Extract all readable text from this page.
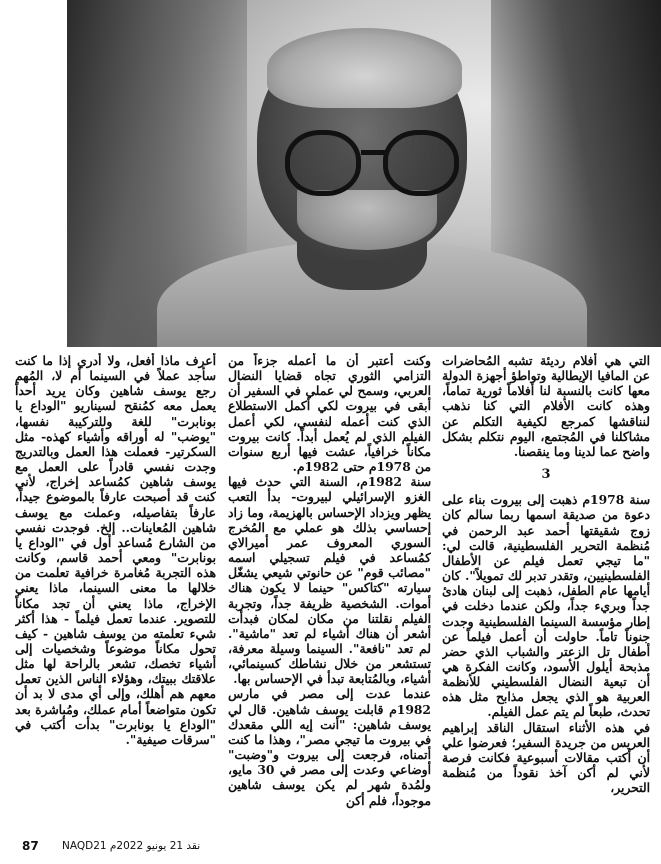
التي هي أفلام رديئة تشبه المُحاضرات عن المافيا الإيطالية وتواطؤ أجهزة الدولة معها كانت بالنسبة لنا أفلاماً ثورية تماماً، وهذه كانت الأفلام التي كنا نذهب لنناقشها كمرجع لكيفية التكلم عن مشاكلنا في المُجتمع، اليوم نتكلم بشكل واضح عما لدينا وما ينقصنا.

3

سنة 1978م ذهبت إلى بيروت بناء على دعوة من صديقة اسمها ربما سالم كان زوج شقيقتها أحمد عبد الرحمن في مُنظمة التحرير الفلسطينية، قالت لي: "ما تيجي تعمل فيلم عن الأطفال الفلسطينيين، وتقدر تدبر لك تمويلاً". كان أيامها عام الطفل، ذهبت إلى لبنان هادئ جداً وبريء جداً، ولكن عندما دخلت في إطار مؤسسة السينما الفلسطينية وجدت جنوناً تاماً. حاولت أن أعمل فيلماً عن أطفال تل الزعتر والشباب الذي حضر مذبحة أيلول الأسود، وكانت الفكرة هي أن تبعية النضال الفلسطيني للأنظمة العربية هو الذي يجعل مذابح مثل هذه تحدث، طبعاً لم يتم عمل الفيلم.

في هذه الأثناء استقال الناقد إبراهيم العريس من جريدة السفير؛ فعرضوا علي أن أكتب مقالات أسبوعية فكانت فرصة لأني لم أكن آخذ نقوداً من مُنظمة التحرير،

وكنت أعتبر أن ما أعمله جزءاً من التزامي الثوري تجاه قضايا النضال العربي، وسمح لي عملي في السفير أن أبقى في بيروت لكي أكمل الاستطلاع الذي كنت أعمله لنفسي، لكي أعمل الفيلم الذي لم يُعمل أبداً. كانت بيروت مكاناً خرافياً، عشت فيها أربع سنوات من 1978م حتى 1982م.

سنة 1982م، السنة التي حدث فيها الغزو الإسرائيلي لبيروت- بدأ التعب يظهر ويزداد الإحساس بالهزيمة، وما زاد إحساسي بذلك هو عملي مع المُخرج السوري المعروف عمر أميرالاي كمُساعد في فيلم تسجيلي اسمه "مصائب قوم" عن حانوتي شيعي يشغّل سيارته "كتاكس" حينما لا يكون هناك أموات. الشخصية ظريفة جداً، وتجربة الفيلم نقلتنا من مكان لمكان فبدأت أشعر أن هناك أشياء لم تعد "ماشية". لم تعد "نافعة". السينما وسيلة معرفة، تستشعر من خلال نشاطك كسينمائي، أشياء، وبالمُتابعة تبدأ في الإحساس بها.

عندما عدت إلى مصر في مارس 1982م قابلت يوسف شاهين. قال لي يوسف شاهين: "أنت إيه اللي مقعدك في بيروت ما تيجي مصر"، وهذا ما كنت أتمناه، فرجعت إلى بيروت و"وضبت" أوضاعي وعدت إلى مصر في 30 مايو، ولمُدة شهر لم يكن يوسف شاهين موجوداً، فلم أكن

أعرف ماذا أفعل، ولا أدري إذا ما كنت سأجد عملاً في السينما أم لا، المُهم رجع يوسف شاهين وكان يريد أحداً يعمل معه كمُنقح لسيناريو "الوداع يا بونابرت" للغة وللتركيبة نفسها، "يوضب" له أوراقه وأشياء كهذه- مثل السكرتير- فعملت هذا العمل وبالتدريج وجدت نفسي قادراً على العمل مع يوسف شاهين كمُساعد إخراج، لأني كنت قد أصبحت عارفاً بالموضوع جيداً، عارفاً بتفاصيله، وعملت مع يوسف شاهين المُعاينات.. إلخ. فوجدت نفسي من الشارع مُساعد أول في "الوداع يا بونابرت" ومعي أحمد قاسم، وكانت هذه التجربة مُغامرة خرافية تعلمت من خلالها ما معنى السينما، ماذا يعني الإخراج، ماذا يعني أن تجد مكاناً للتصوير. عندما تعمل فيلماً - هذا أكثر شيء تعلمته من يوسف شاهين - كيف تحول مكاناً موضوعاً وشخصيات إلى أشياء تخصك، تشعر بالراحة لها مثل علاقتك ببيتك، وهؤلاء الناس الذين تعمل معهم هم أهلك، وإلى أي مدى لا بد أن تكون متواضعاً أمام عملك، ومُباشرة بعد "الوداع يا بونابرت" بدأت أكتب في "سرقات صيفية".

87 نقد 21 يونيو 2022م NAQD21
